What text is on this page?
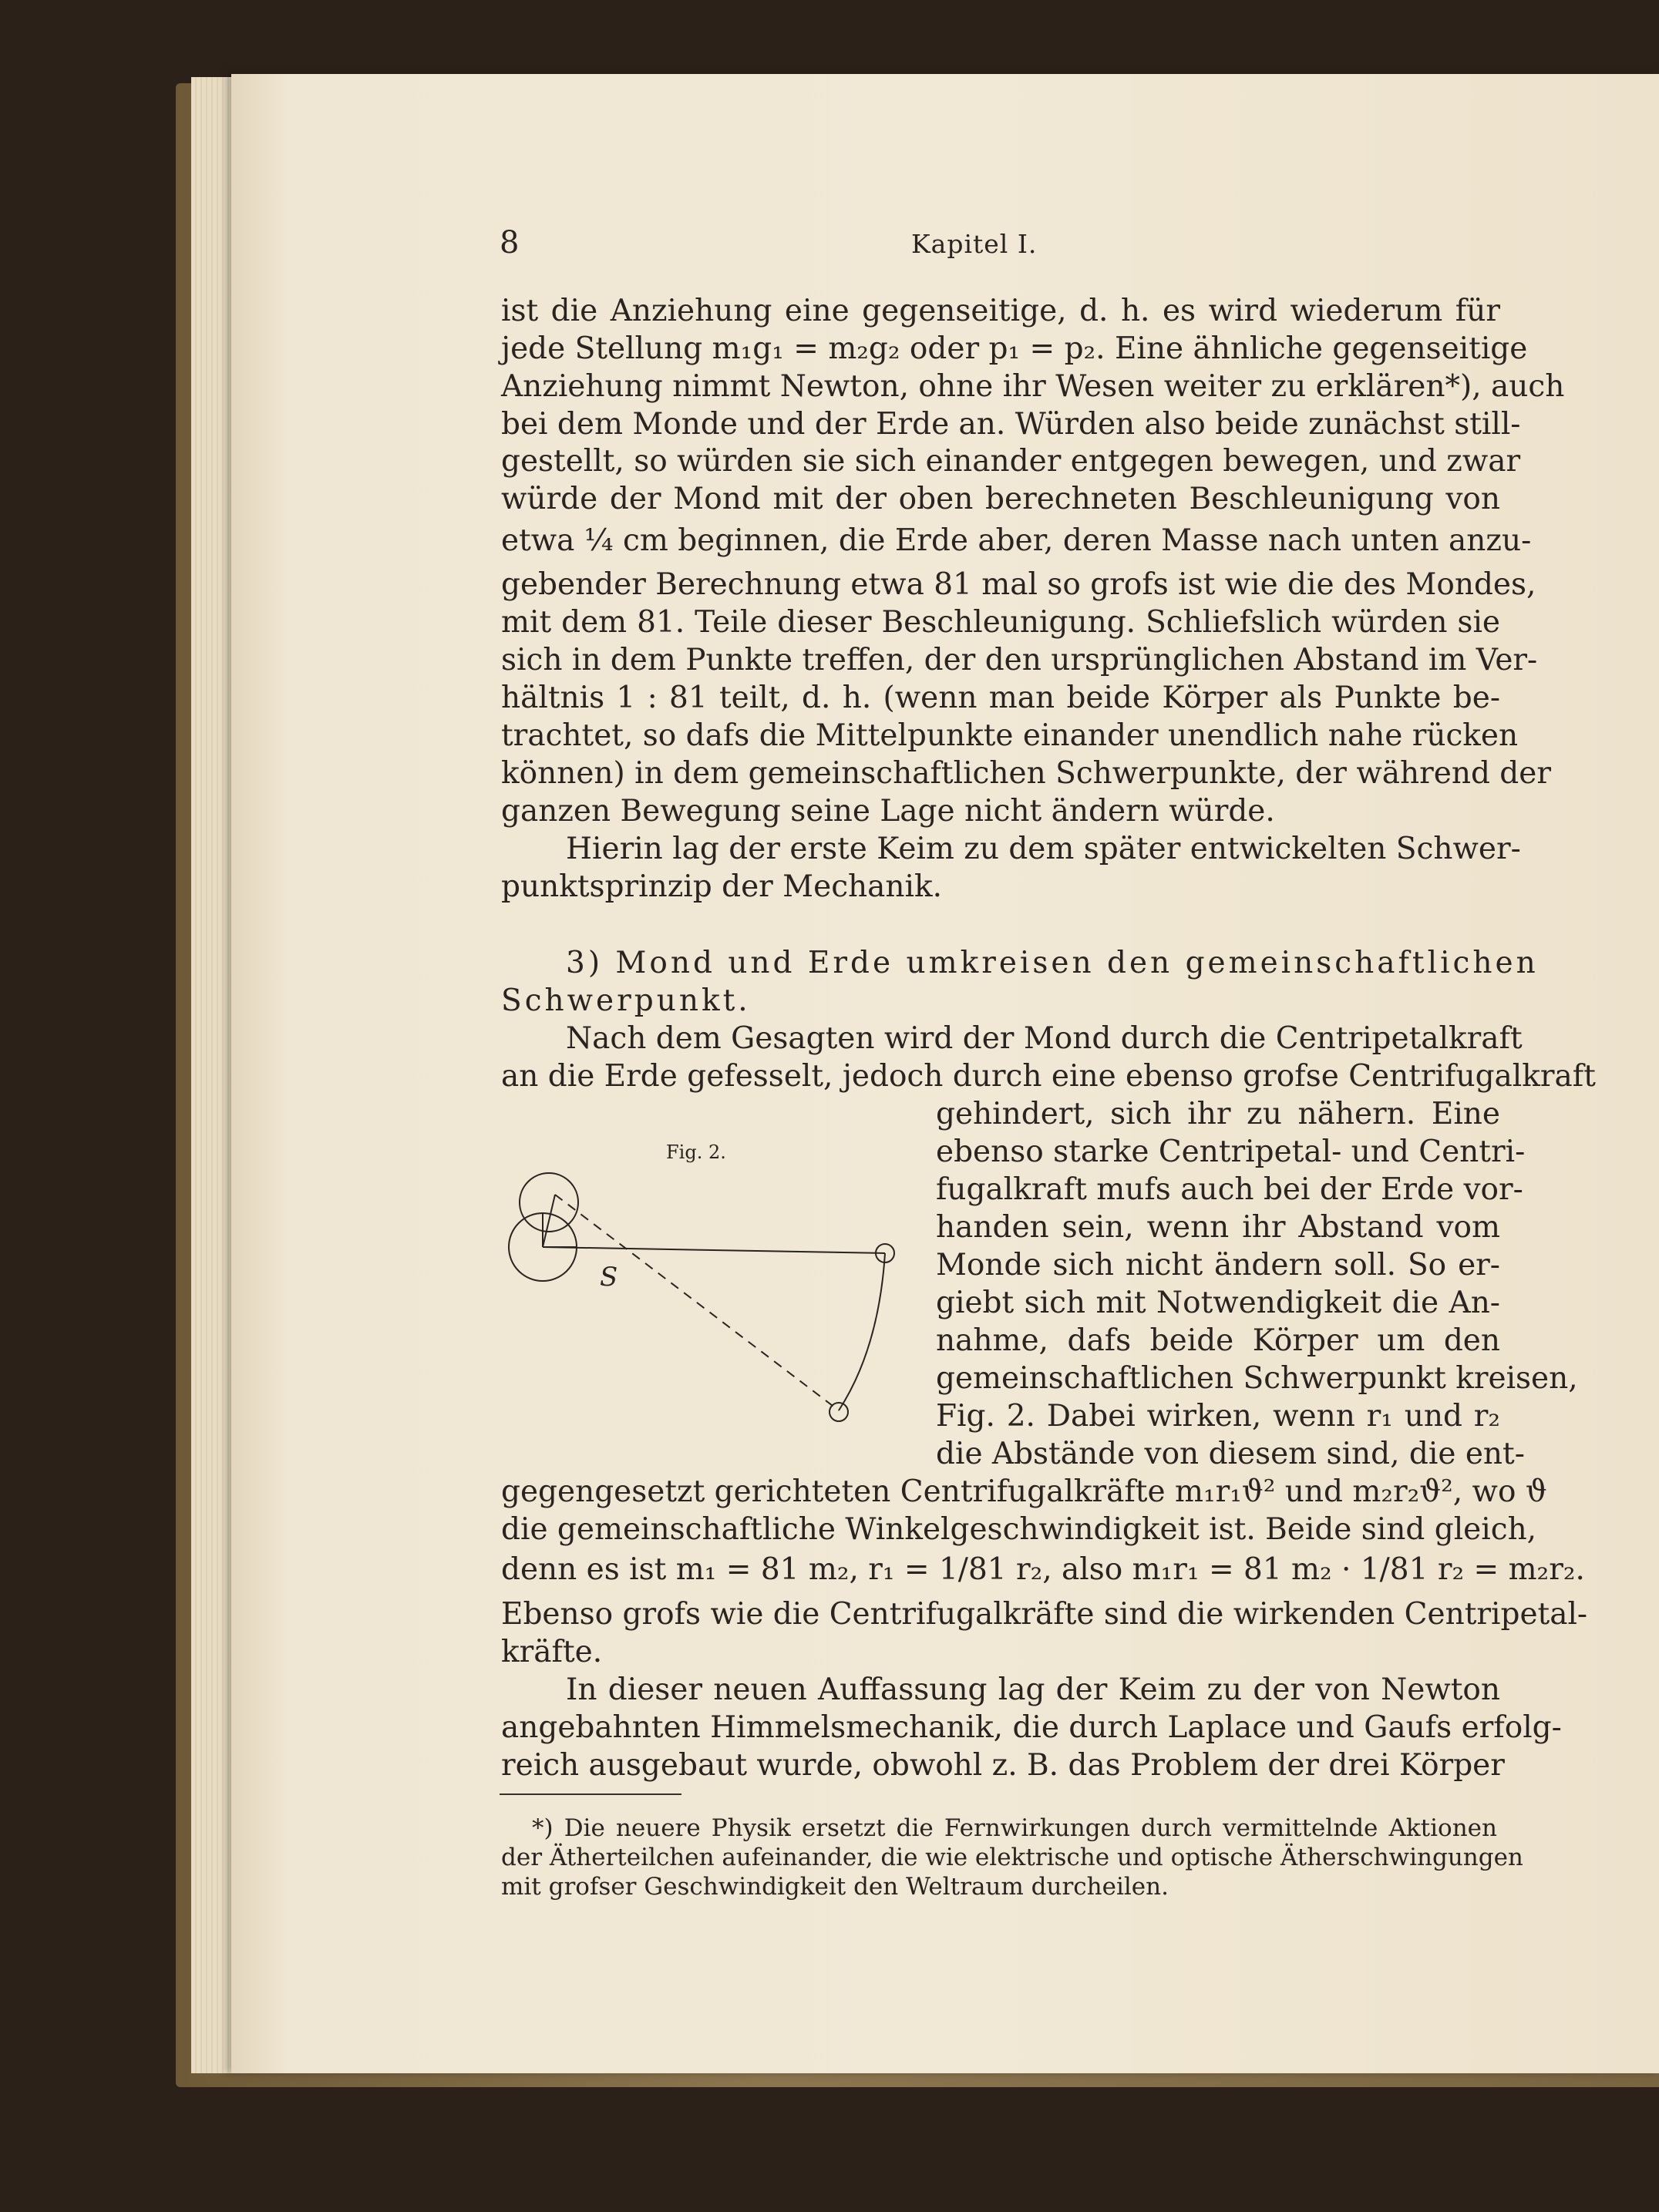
8	Kapitel I.
ist die Anziehung eine gegenseitige, d. h. es wird wiederum für
jede Stellung m₁g₁ = m₂g₂ oder p₁ = p₂. Eine ähnliche gegenseitige
Anziehung nimmt Newton, ohne ihr Wesen weiter zu erklären*), auch
bei dem Monde und der Erde an. Würden also beide zunächst still-
gestellt, so würden sie sich einander entgegen bewegen, und zwar
würde der Mond mit der oben berechneten Beschleunigung von
etwa ¼ cm beginnen, die Erde aber, deren Masse nach unten anzu-
gebender Berechnung etwa 81 mal so grofs ist wie die des Mondes,
mit dem 81. Teile dieser Beschleunigung. Schliefslich würden sie
sich in dem Punkte treffen, der den ursprünglichen Abstand im Ver-
hältnis 1 : 81 teilt, d. h. (wenn man beide Körper als Punkte be-
trachtet, so dafs die Mittelpunkte einander unendlich nahe rücken
können) in dem gemeinschaftlichen Schwerpunkte, der während der
ganzen Bewegung seine Lage nicht ändern würde.
Hierin lag der erste Keim zu dem später entwickelten Schwer-
punktsprinzip der Mechanik.
3) Mond und Erde umkreisen den gemeinschaftlichen
Schwerpunkt.
Nach dem Gesagten wird der Mond durch die Centripetalkraft
an die Erde gefesselt, jedoch durch eine ebenso grofse Centrifugalkraft
gehindert, sich ihr zu nähern. Eine
ebenso starke Centripetal- und Centri-
fugalkraft mufs auch bei der Erde vor-
handen sein, wenn ihr Abstand vom
Monde sich nicht ändern soll. So er-
giebt sich mit Notwendigkeit die An-
nahme, dafs beide Körper um den
gemeinschaftlichen Schwerpunkt kreisen,
Fig. 2. Dabei wirken, wenn r₁ und r₂
die Abstände von diesem sind, die ent-
gegengesetzt gerichteten Centrifugalkräfte m₁r₁ϑ² und m₂r₂ϑ², wo ϑ
die gemeinschaftliche Winkelgeschwindigkeit ist. Beide sind gleich,
denn es ist m₁ = 81 m₂, r₁ = 1/81 r₂, also m₁r₁ = 81 m₂ · 1/81 r₂ = m₂r₂.
Ebenso grofs wie die Centrifugalkräfte sind die wirkenden Centripetal-
kräfte.
In dieser neuen Auffassung lag der Keim zu der von Newton
angebahnten Himmelsmechanik, die durch Laplace und Gaufs erfolg-
reich ausgebaut wurde, obwohl z. B. das Problem der drei Körper
Fig. 2.
S
*) Die neuere Physik ersetzt die Fernwirkungen durch vermittelnde Aktionen
der Ätherteilchen aufeinander, die wie elektrische und optische Ätherschwingungen
mit grofser Geschwindigkeit den Weltraum durcheilen.
